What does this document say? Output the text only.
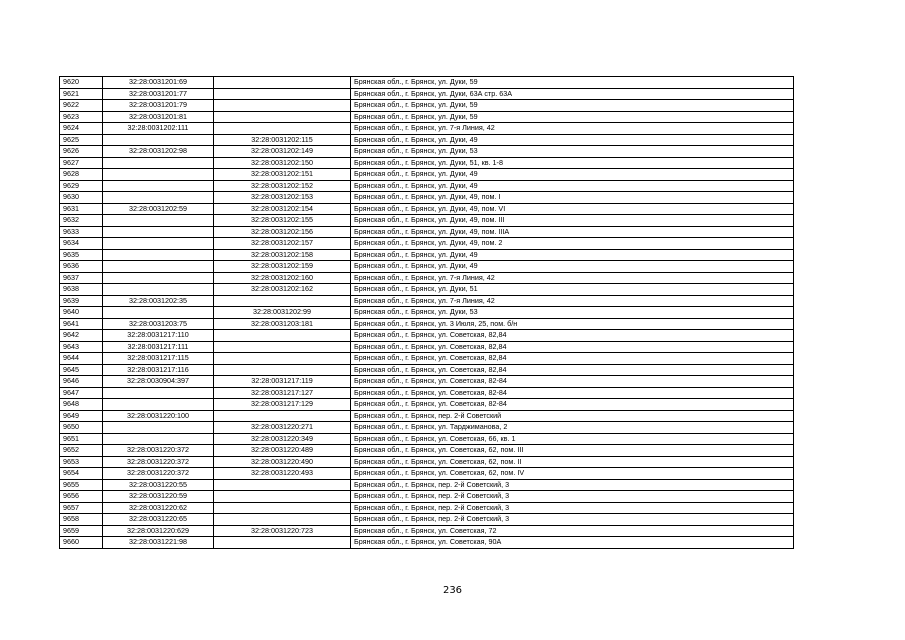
9620	32:28:0031201:69		Брянская обл., г. Брянск, ул. Дуки, 59
9621	32:28:0031201:77		Брянская обл., г. Брянск, ул. Дуки, 63А стр. 63А
9622	32:28:0031201:79		Брянская обл., г. Брянск, ул. Дуки, 59
9623	32:28:0031201:81		Брянская обл., г. Брянск, ул. Дуки, 59
9624	32:28:0031202:111		Брянская обл., г. Брянск, ул. 7-я Линия, 42
9625		32:28:0031202:115	Брянская обл., г. Брянск, ул. Дуки, 49
9626	32:28:0031202:98	32:28:0031202:149	Брянская обл., г. Брянск, ул. Дуки, 53
9627		32:28:0031202:150	Брянская обл., г. Брянск, ул. Дуки, 51, кв. 1-8
9628		32:28:0031202:151	Брянская обл., г. Брянск, ул. Дуки, 49
9629		32:28:0031202:152	Брянская обл., г. Брянск, ул. Дуки, 49
9630		32:28:0031202:153	Брянская обл., г. Брянск, ул. Дуки, 49, пом. I
9631	32:28:0031202:59	32:28:0031202:154	Брянская обл., г. Брянск, ул. Дуки, 49, пом. VI
9632		32:28:0031202:155	Брянская обл., г. Брянск, ул. Дуки, 49, пом. III
9633		32:28:0031202:156	Брянская обл., г. Брянск, ул. Дуки, 49, пом. IIIA
9634		32:28:0031202:157	Брянская обл., г. Брянск, ул. Дуки, 49, пом. 2
9635		32:28:0031202:158	Брянская обл., г. Брянск, ул. Дуки, 49
9636		32:28:0031202:159	Брянская обл., г. Брянск, ул. Дуки, 49
9637		32:28:0031202:160	Брянская обл., г. Брянск, ул. 7-я Линия, 42
9638		32:28:0031202:162	Брянская обл., г. Брянск, ул. Дуки, 51
9639	32:28:0031202:35		Брянская обл., г. Брянск, ул. 7-я Линия, 42
9640		32:28:0031202:99	Брянская обл., г. Брянск, ул. Дуки, 53
9641	32:28:0031203:75	32:28:0031203:181	Брянская обл., г. Брянск, ул. 3 Июля, 25, пом. б/н
9642	32:28:0031217:110		Брянская обл., г. Брянск, ул. Советская, 82,84
9643	32:28:0031217:111		Брянская обл., г. Брянск, ул. Советская, 82,84
9644	32:28:0031217:115		Брянская обл., г. Брянск, ул. Советская, 82,84
9645	32:28:0031217:116		Брянская обл., г. Брянск, ул. Советская, 82,84
9646	32:28:0030904:397	32:28:0031217:119	Брянская обл., г. Брянск, ул. Советская, 82-84
9647		32:28:0031217:127	Брянская обл., г. Брянск, ул. Советская, 82-84
9648		32:28:0031217:129	Брянская обл., г. Брянск, ул. Советская, 82-84
9649	32:28:0031220:100		Брянская обл., г. Брянск, пер. 2-й Советский
9650		32:28:0031220:271	Брянская обл., г. Брянск, ул. Тарджиманова, 2
9651		32:28:0031220:349	Брянская обл., г. Брянск, ул. Советская, 66, кв. 1
9652	32:28:0031220:372	32:28:0031220:489	Брянская обл., г. Брянск, ул. Советская, 62, пом. III
9653	32:28:0031220:372	32:28:0031220:490	Брянская обл., г. Брянск, ул. Советская, 62, пом. II
9654	32:28:0031220:372	32:28:0031220:493	Брянская обл., г. Брянск, ул. Советская, 62, пом. IV
9655	32:28:0031220:55		Брянская обл., г. Брянск, пер. 2-й Советский, 3
9656	32:28:0031220:59		Брянская обл., г. Брянск, пер. 2-й Советский, 3
9657	32:28:0031220:62		Брянская обл., г. Брянск, пер. 2-й Советский, 3
9658	32:28:0031220:65		Брянская обл., г. Брянск, пер. 2-й Советский, 3
9659	32:28:0031220:629	32:28:0031220:723	Брянская обл., г. Брянск, ул. Советская, 72
9660	32:28:0031221:98		Брянская обл., г. Брянск, ул. Советская, 90А
236
